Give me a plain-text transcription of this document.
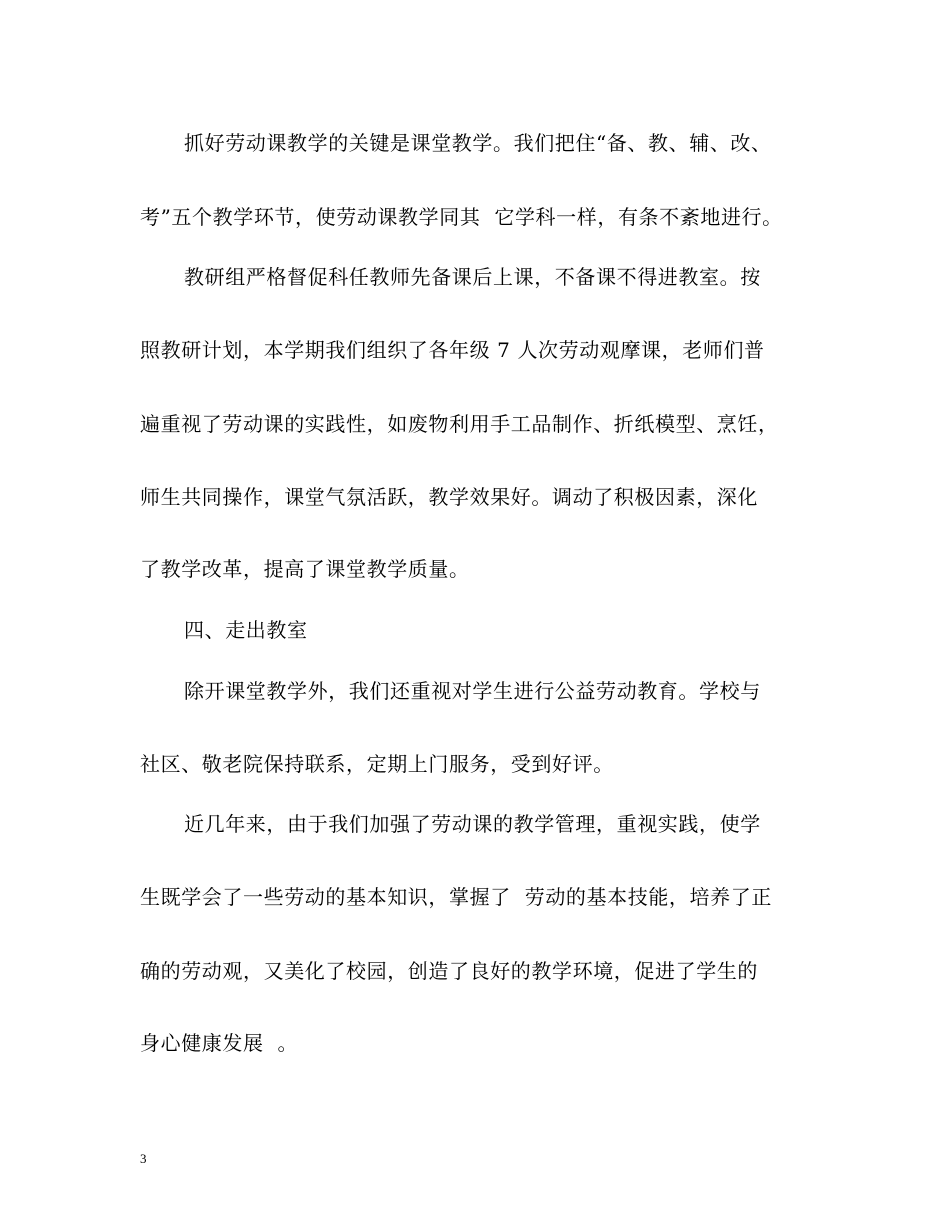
抓好劳动课教学的关键是课堂教学。我们把住“备、教、辅、改、
考”五个教学环节，使劳动课教学同其  它学科一样，有条不紊地进行。
教研组严格督促科任教师先备课后上课，不备课不得进教室。按
照教研计划，本学期我们组织了各年级 7 人次劳动观摩课，老师们普
遍重视了劳动课的实践性，如废物利用手工品制作、折纸模型、烹饪，
师生共同操作，课堂气氛活跃，教学效果好。调动了积极因素，深化
了教学改革，提高了课堂教学质量。
四、走出教室
除开课堂教学外，我们还重视对学生进行公益劳动教育。学校与
社区、敬老院保持联系，定期上门服务，受到好评。
近几年来，由于我们加强了劳动课的教学管理，重视实践，使学
生既学会了一些劳动的基本知识，掌握了  劳动的基本技能，培养了正
确的劳动观，又美化了校园，创造了良好的教学环境，促进了学生的
身心健康发展  。
3
